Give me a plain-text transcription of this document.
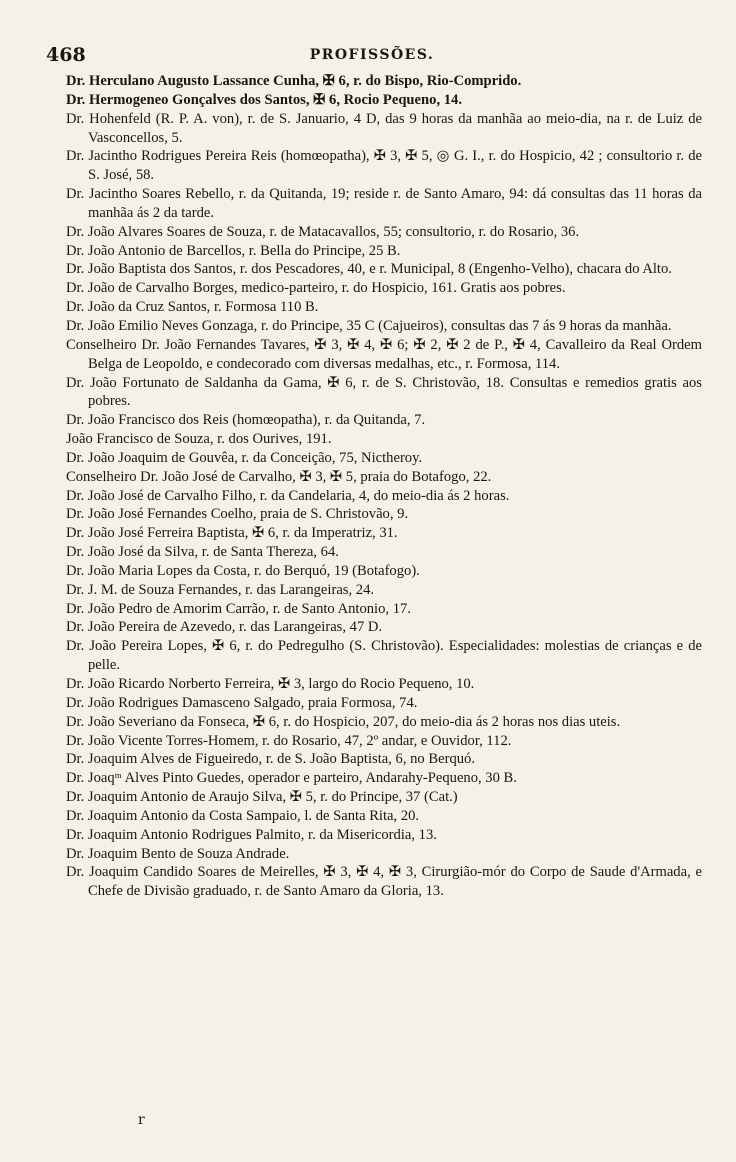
468	PROFISSÕES.
Dr. Herculano Augusto Lassance Cunha, ✠ 6, r. do Bispo, Rio-Comprido.
Dr. Hermogeneo Gonçalves dos Santos, ✠ 6, Rocio Pequeno, 14.
Dr. Hohenfeld (R. P. A. von), r. de S. Januario, 4 D, das 9 horas da manhãa ao meio-dia, na r. de Luiz de Vasconcellos, 5.
Dr. Jacintho Rodrigues Pereira Reis (homœopatha), ✠ 3, ✠ 5, ◎ G. I., r. do Hospicio, 42 ; consultorio r. de S. José, 58.
Dr. Jacintho Soares Rebello, r. da Quitanda, 19; reside r. de Santo Amaro, 94: dá consultas das 11 horas da manhãa ás 2 da tarde.
Dr. João Alvares Soares de Souza, r. de Matacavallos, 55; consultorio, r. do Rosario, 36.
Dr. João Antonio de Barcellos, r. Bella do Principe, 25 B.
Dr. João Baptista dos Santos, r. dos Pescadores, 40, e r. Municipal, 8 (Engenho-Velho), chacara do Alto.
Dr. João de Carvalho Borges, medico-parteiro, r. do Hospicio, 161. Gratis aos pobres.
Dr. João da Cruz Santos, r. Formosa 110 B.
Dr. João Emilio Neves Gonzaga, r. do Principe, 35 C (Cajueiros), consultas das 7 ás 9 horas da manhãa.
Conselheiro Dr. João Fernandes Tavares, ✠ 3, ✠ 4, ✠ 6; ✠ 2, ✠ 2 de P., ✠ 4, Cavalleiro da Real Ordem Belga de Leopoldo, e condecorado com diversas medalhas, etc., r. Formosa, 114.
Dr. João Fortunato de Saldanha da Gama, ✠ 6, r. de S. Christovão, 18. Consultas e remedios gratis aos pobres.
Dr. João Francisco dos Reis (homœopatha), r. da Quitanda, 7.
João Francisco de Souza, r. dos Ourives, 191.
Dr. João Joaquim de Gouvêa, r. da Conceição, 75, Nictheroy.
Conselheiro Dr. João José de Carvalho, ✠ 3, ✠ 5, praia do Botafogo, 22.
Dr. João José de Carvalho Filho, r. da Candelaria, 4, do meio-dia ás 2 horas.
Dr. João José Fernandes Coelho, praia de S. Christovão, 9.
Dr. João José Ferreira Baptista, ✠ 6, r. da Imperatriz, 31.
Dr. João José da Silva, r. de Santa Thereza, 64.
Dr. João Maria Lopes da Costa, r. do Berquó, 19 (Botafogo).
Dr. J. M. de Souza Fernandes, r. das Larangeiras, 24.
Dr. João Pedro de Amorim Carrão, r. de Santo Antonio, 17.
Dr. João Pereira de Azevedo, r. das Larangeiras, 47 D.
Dr. João Pereira Lopes, ✠ 6, r. do Pedregulho (S. Christovão). Especialidades: molestias de crianças e de pelle.
Dr. João Ricardo Norberto Ferreira, ✠ 3, largo do Rocio Pequeno, 10.
Dr. João Rodrigues Damasceno Salgado, praia Formosa, 74.
Dr. João Severiano da Fonseca, ✠ 6, r. do Hospicio, 207, do meio-dia ás 2 horas nos dias uteis.
Dr. João Vicente Torres-Homem, r. do Rosario, 47, 2º andar, e Ouvidor, 112.
Dr. Joaquim Alves de Figueiredo, r. de S. João Baptista, 6, no Berquó.
Dr. Joaqᵐ Alves Pinto Guedes, operador e parteiro, Andarahy-Pequeno, 30 B.
Dr. Joaquim Antonio de Araujo Silva, ✠ 5, r. do Principe, 37 (Cat.)
Dr. Joaquim Antonio da Costa Sampaio, l. de Santa Rita, 20.
Dr. Joaquim Antonio Rodrigues Palmito, r. da Misericordia, 13.
Dr. Joaquim Bento de Souza Andrade.
Dr. Joaquim Candido Soares de Meirelles, ✠ 3, ✠ 4, ✠ 3, Cirurgião-mór do Corpo de Saude d'Armada, e Chefe de Divisão graduado, r. de Santo Amaro da Gloria, 13.
r
